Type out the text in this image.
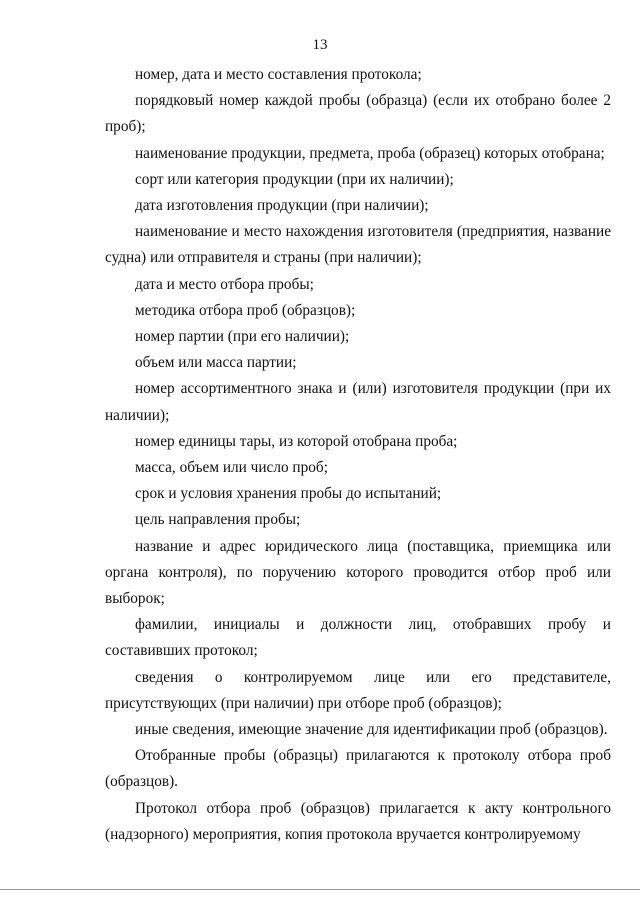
13

номер, дата и место составления протокола;

порядковый номер каждой пробы (образца) (если их отобрано более 2 проб);

наименование продукции, предмета, проба (образец) которых отобрана;

сорт или категория продукции (при их наличии);

дата изготовления продукции (при наличии);

наименование и место нахождения изготовителя (предприятия, название судна) или отправителя и страны (при наличии);

дата и место отбора пробы;

методика отбора проб (образцов);

номер партии (при его наличии);

объем или масса партии;

номер ассортиментного знака и (или) изготовителя продукции (при их наличии);

номер единицы тары, из которой отобрана проба;

масса, объем или число проб;

срок и условия хранения пробы до испытаний;

цель направления пробы;

название и адрес юридического лица (поставщика, приемщика или органа контроля), по поручению которого проводится отбор проб или выборок;

фамилии, инициалы и должности лиц, отобравших пробу и составивших протокол;

сведения о контролируемом лице или его представителе, присутствующих (при наличии) при отборе проб (образцов);

иные сведения, имеющие значение для идентификации проб (образцов).

Отобранные пробы (образцы) прилагаются к протоколу отбора проб (образцов).

Протокол отбора проб (образцов) прилагается к акту контрольного (надзорного) мероприятия, копия протокола вручается контролируемому
